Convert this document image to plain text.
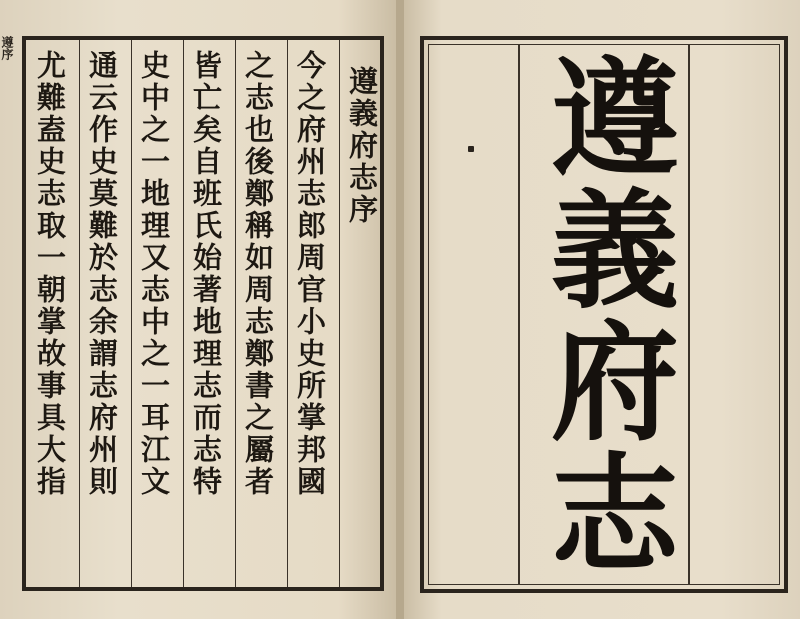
遵序
遵義府志序
今之府州志郎周官小史所掌邦國
之志也後鄭稱如周志鄭書之屬者
皆亡矣自班氏始著地理志而志特
史中之一地理又志中之一耳江文
通云作史莫難於志余謂志府州則
尤難盍史志取一朝掌故事具大指	遵義府志
